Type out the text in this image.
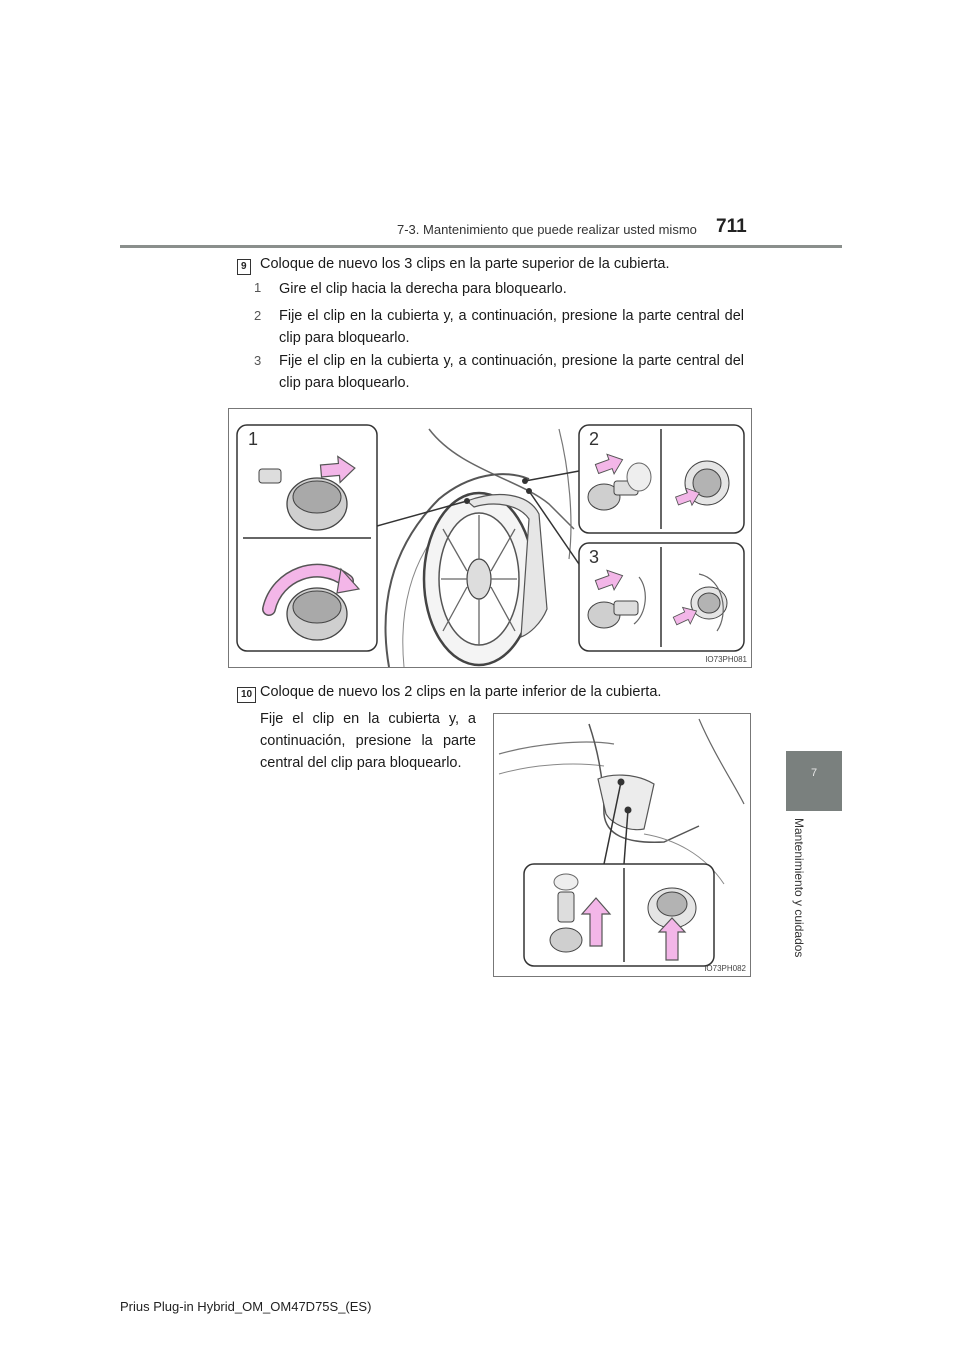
7-3. Mantenimiento que puede realizar usted mismo 711
7
Mantenimiento y cuidados
9 Coloque de nuevo los 3 clips en la parte superior de la cubierta.
1 Gire el clip hacia la derecha para bloquearlo.
2 Fije el clip en la cubierta y, a continuación, presione la parte central del clip para bloquearlo.
3 Fije el clip en la cubierta y, a continuación, presione la parte central del clip para bloquearlo.
1	2
3
IO73PH081
10 Coloque de nuevo los 2 clips en la parte inferior de la cubierta.
Fije el clip en la cubierta y, a continuación, presione la parte central del clip para bloquearlo.
IO73PH082
Prius Plug-in Hybrid_OM_OM47D75S_(ES)
